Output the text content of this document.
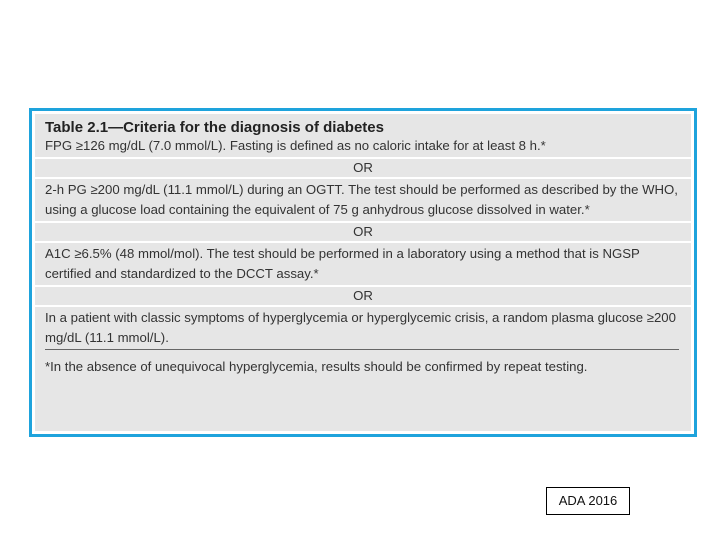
Table 2.1—Criteria for the diagnosis of diabetes
FPG ≥126 mg/dL (7.0 mmol/L). Fasting is defined as no caloric intake for at least 8 h.*
OR
2-h PG ≥200 mg/dL (11.1 mmol/L) during an OGTT. The test should be performed as described by the WHO, using a glucose load containing the equivalent of 75 g anhydrous glucose dissolved in water.*
OR
A1C ≥6.5% (48 mmol/mol). The test should be performed in a laboratory using a method that is NGSP certified and standardized to the DCCT assay.*
OR
In a patient with classic symptoms of hyperglycemia or hyperglycemic crisis, a random plasma glucose ≥200 mg/dL (11.1 mmol/L).
*In the absence of unequivocal hyperglycemia, results should be confirmed by repeat testing.
ADA 2016
